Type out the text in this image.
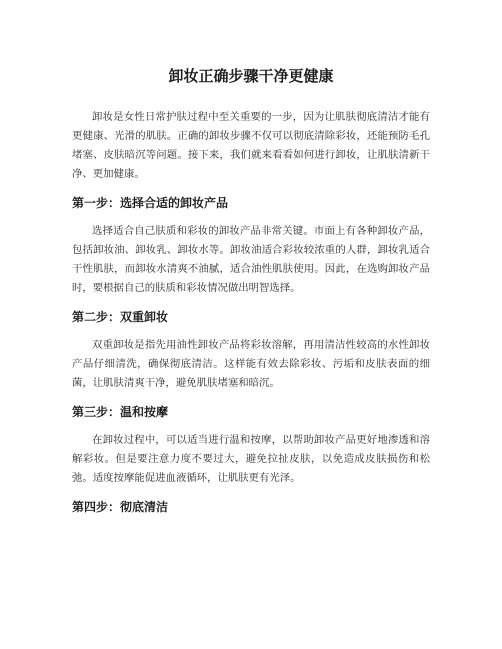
卸妆正确步骤干净更健康

卸妆是女性日常护肤过程中至关重要的一步，因为让肌肤彻底清洁才能有更健康、光滑的肌肤。正确的卸妆步骤不仅可以彻底清除彩妆，还能预防毛孔堵塞、皮肤暗沉等问题。接下来，我们就来看看如何进行卸妆，让肌肤清新干净、更加健康。

第一步：选择合适的卸妆产品

选择适合自己肤质和彩妆的卸妆产品非常关键。市面上有各种卸妆产品，包括卸妆油、卸妆乳、卸妆水等。卸妆油适合彩妆较浓重的人群，卸妆乳适合干性肌肤，而卸妆水清爽不油腻，适合油性肌肤使用。因此，在选购卸妆产品时，要根据自己的肤质和彩妆情况做出明智选择。

第二步：双重卸妆

双重卸妆是指先用油性卸妆产品将彩妆溶解，再用清洁性较高的水性卸妆产品仔细清洗，确保彻底清洁。这样能有效去除彩妆、污垢和皮肤表面的细菌，让肌肤清爽干净，避免肌肤堵塞和暗沉。

第三步：温和按摩

在卸妆过程中，可以适当进行温和按摩，以帮助卸妆产品更好地渗透和溶解彩妆。但是要注意力度不要过大，避免拉扯皮肤，以免造成皮肤损伤和松弛。适度按摩能促进血液循环，让肌肤更有光泽。

第四步：彻底清洁
